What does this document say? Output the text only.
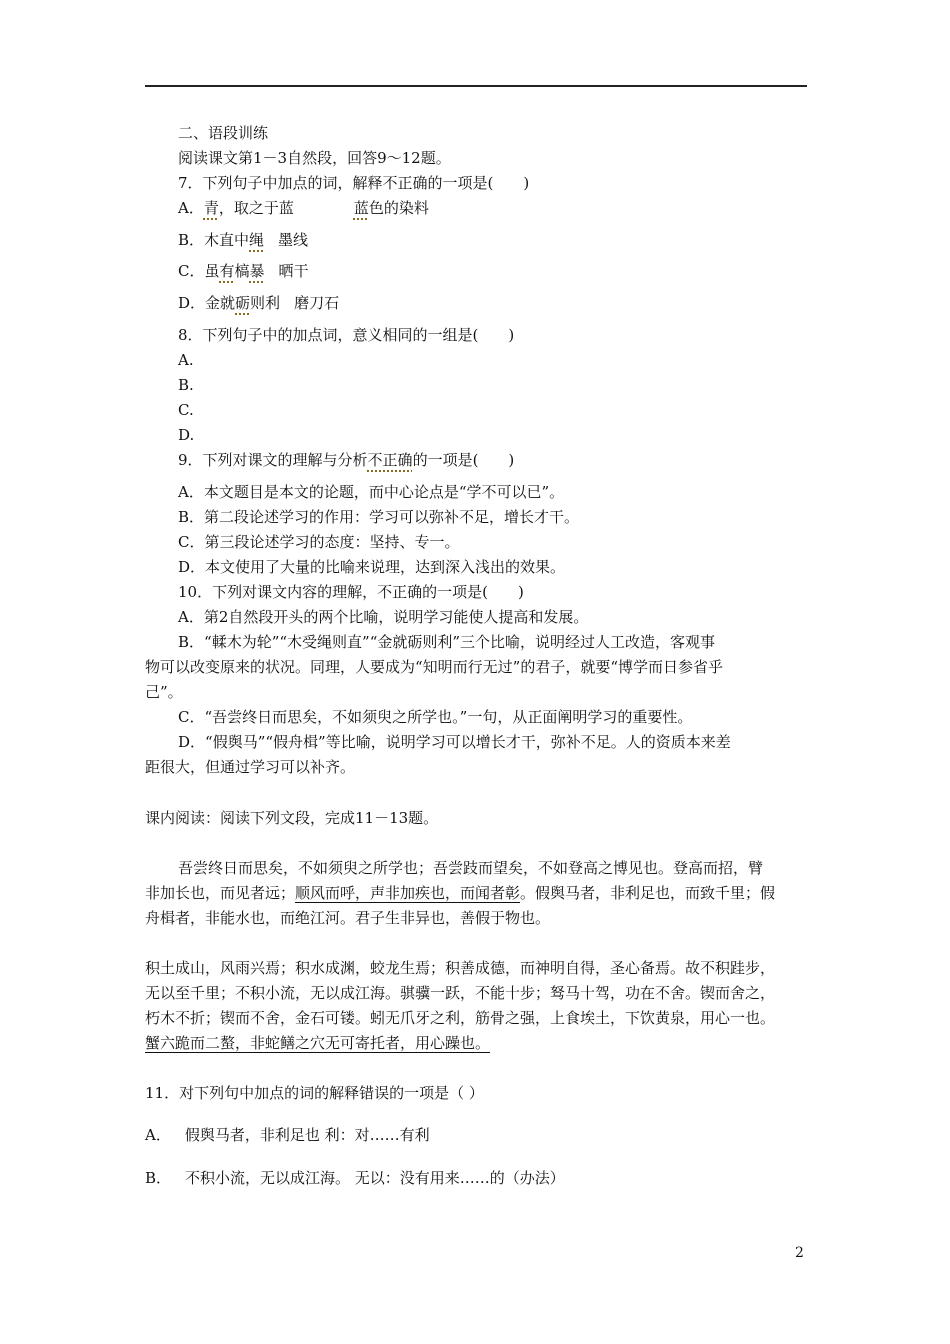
二、语段训练
阅读课文第1－3自然段，回答9～12题。
7．下列句子中加点的词，解释不正确的一项是(　　)
A．青，取之于蓝	蓝色的染料
B．木直中绳 墨线
C．虽有槁暴 晒干
D．金就砺则利 磨刀石
8．下列句子中的加点词，意义相同的一组是(　　)
A.
B.
C.
D.
9．下列对课文的理解与分析不正确的一项是(　　)
A．本文题目是本文的论题，而中心论点是“学不可以已”。
B．第二段论述学习的作用：学习可以弥补不足，增长才干。
C．第三段论述学习的态度：坚持、专一。
D．本文使用了大量的比喻来说理，达到深入浅出的效果。
10．下列对课文内容的理解，不正确的一项是(　　)
A．第2自然段开头的两个比喻，说明学习能使人提高和发展。
B．“輮木为轮”“木受绳则直”“金就砺则利”三个比喻，说明经过人工改造，客观事
物可以改变原来的状况。同理，人要成为“知明而行无过”的君子，就要“博学而日参省乎
己”。
C．“吾尝终日而思矣，不如须臾之所学也。”一句，从正面阐明学习的重要性。
D．“假舆马”“假舟楫”等比喻，说明学习可以增长才干，弥补不足。人的资质本来差
距很大，但通过学习可以补齐。
课内阅读：阅读下列文段，完成11－13题。
吾尝终日而思矣，不如须臾之所学也；吾尝跂而望矣，不如登高之博见也。登高而招，臂
非加长也，而见者远；顺风而呼，声非加疾也，而闻者彰。假舆马者，非利足也，而致千里；假
舟楫者，非能水也，而绝江河。君子生非异也，善假于物也。
积土成山，风雨兴焉；积水成渊，蛟龙生焉；积善成德，而神明自得，圣心备焉。故不积跬步，
无以至千里；不积小流，无以成江海。骐骥一跃，不能十步；驽马十驾，功在不舍。锲而舍之，
朽木不折；锲而不舍，金石可镂。蚓无爪牙之利，筋骨之强，上食埃土，下饮黄泉，用心一也。
蟹六跪而二螯，非蛇鳝之穴无可寄托者，用心躁也。
11．对下列句中加点的词的解释错误的一项是（ ）
A． 假舆马者，非利足也 利：对……有利
B． 不积小流，无以成江海。 无以：没有用来……的（办法）
2
